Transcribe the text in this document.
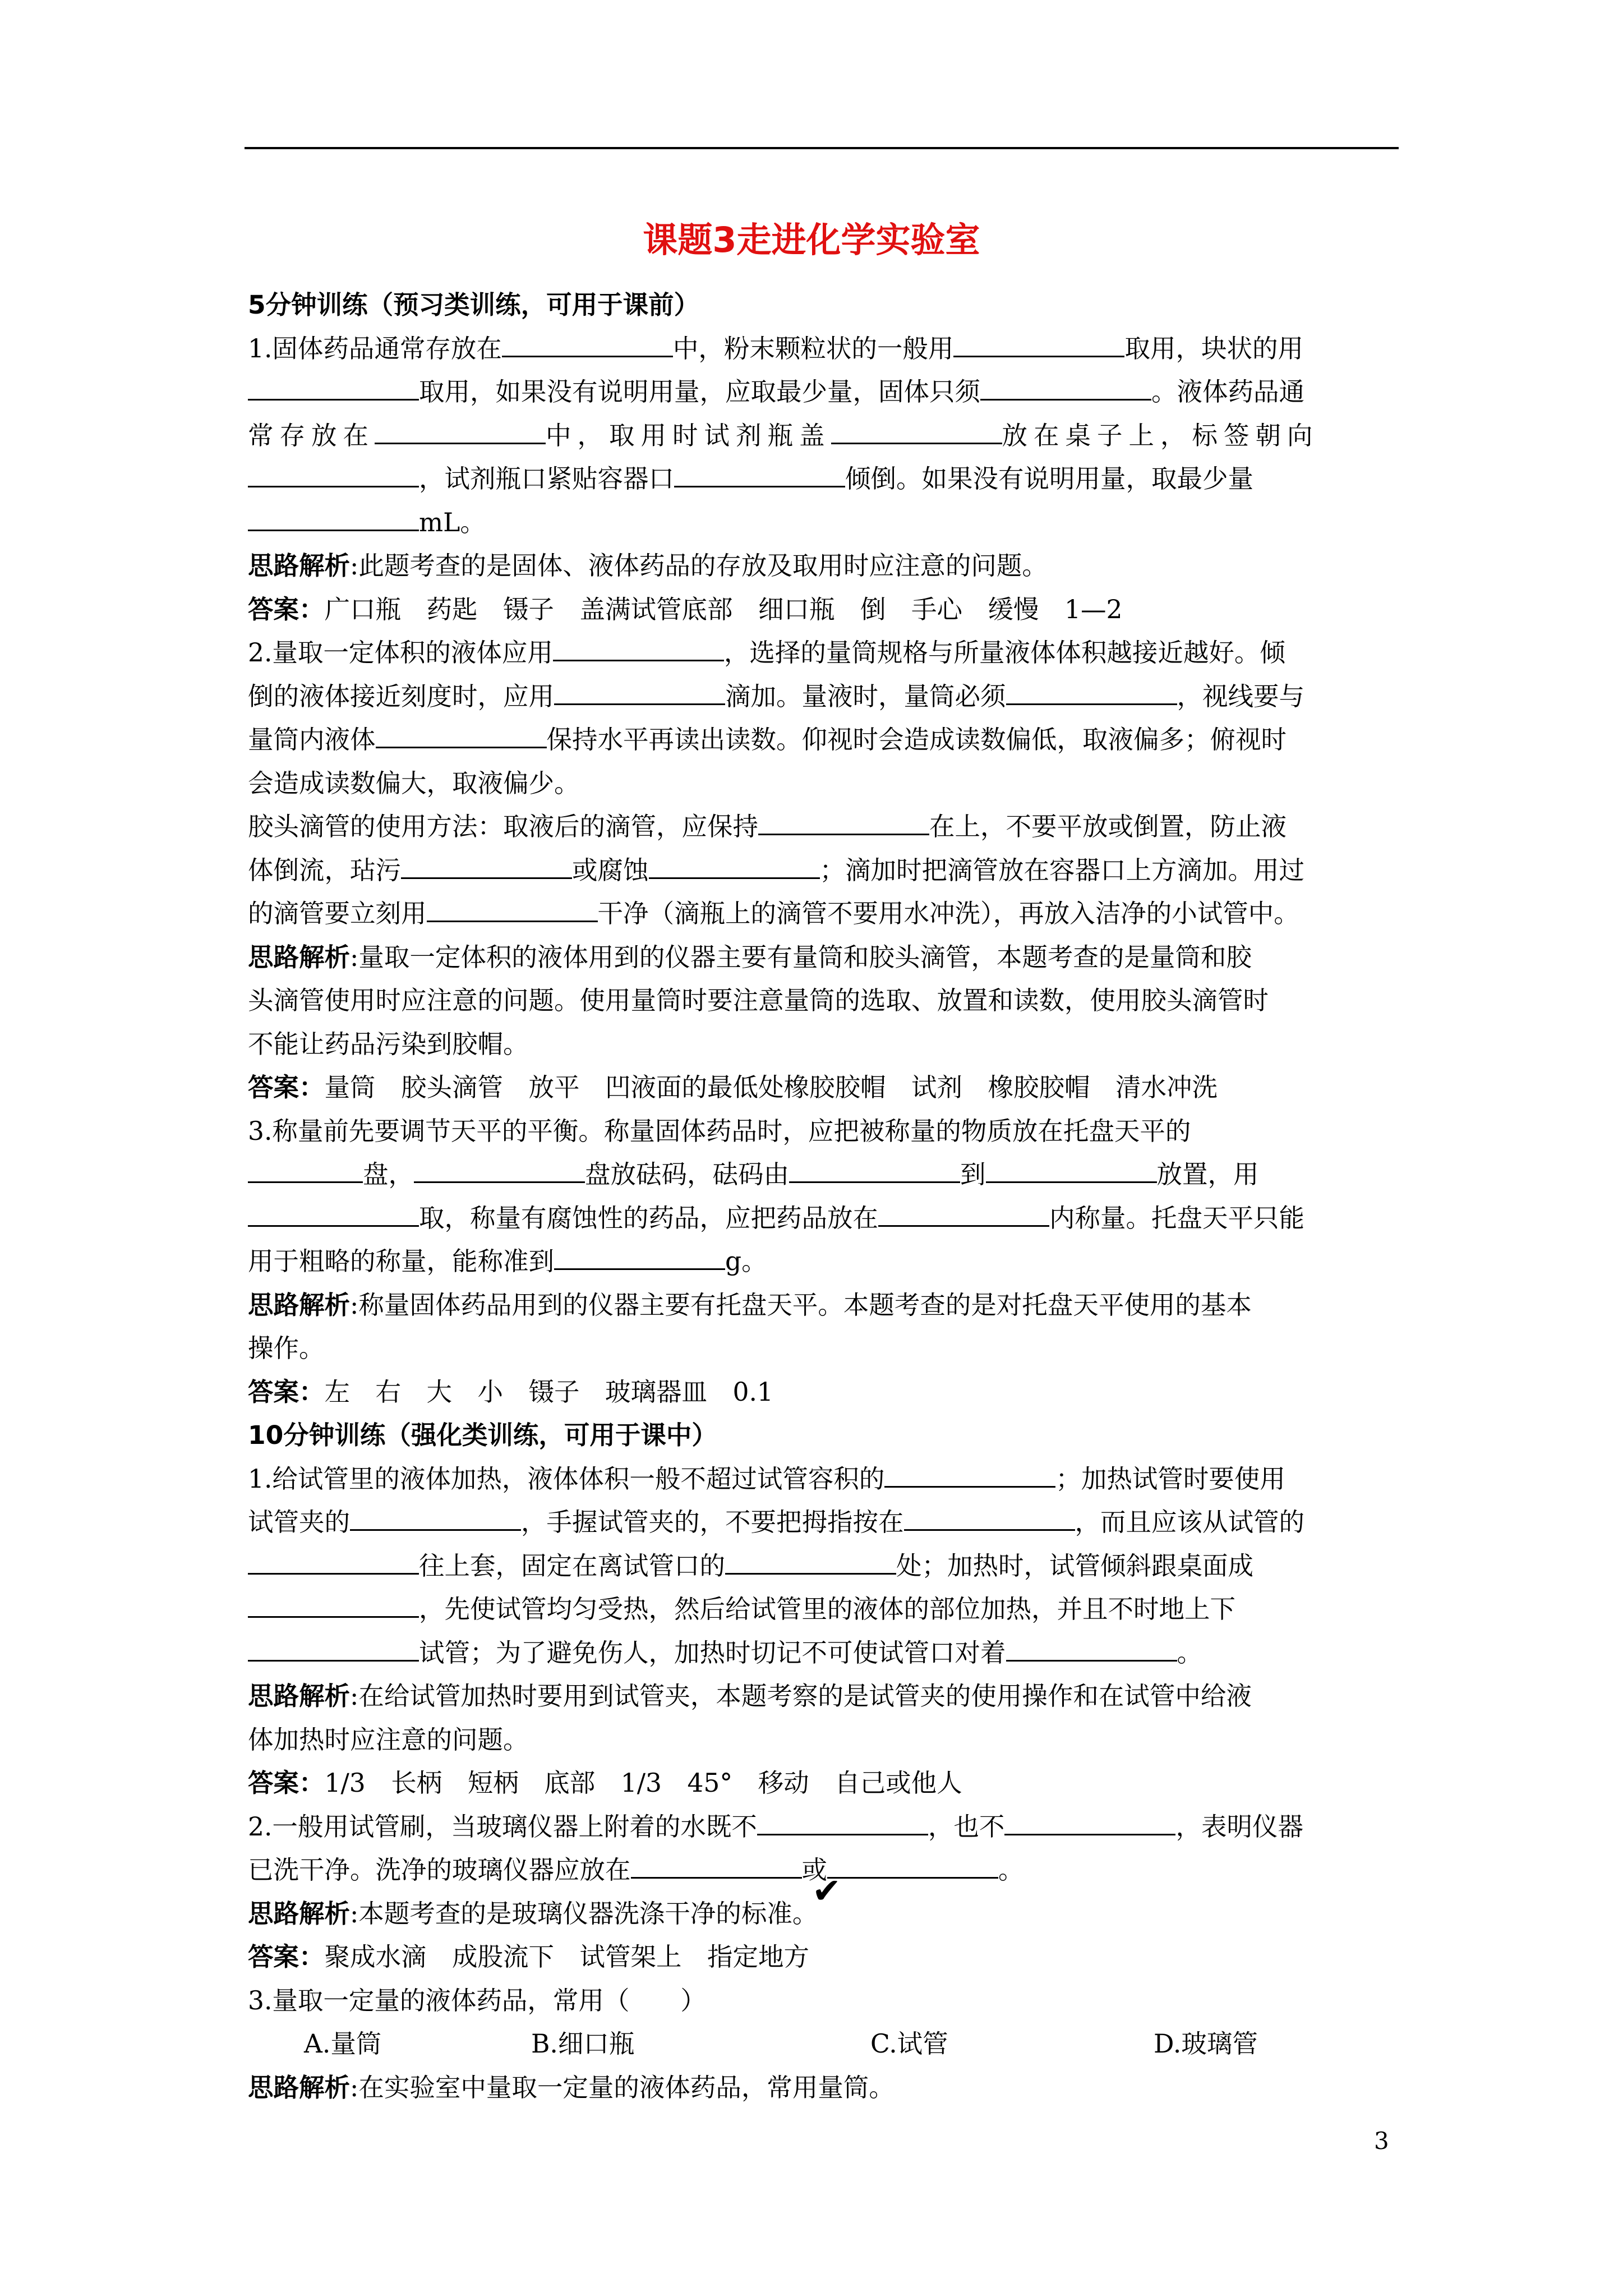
课题3走进化学实验室

5分钟训练（预习类训练，可用于课前）

1.固体药品通常存放在	中，粉末颗粒状的一般用	取用，块状的用

取用，如果没有说明用量，应取最少量，固体只须	。液体药品通

常存放在	中，取用时试剂瓶盖	放在桌子上，标签朝向

，试剂瓶口紧贴容器口	倾倒。如果没有说明用量，取最少量

mL。

思路解析:此题考查的是固体、液体药品的存放及取用时应注意的问题。

答案：广口瓶　药匙　镊子　盖满试管底部　细口瓶　倒　手心　缓慢　1—2

2.量取一定体积的液体应用	，选择的量筒规格与所量液体体积越接近越好。倾

倒的液体接近刻度时，应用	滴加。量液时，量筒必须	，视线要与

量筒内液体	保持水平再读出读数。仰视时会造成读数偏低，取液偏多；俯视时

会造成读数偏大，取液偏少。

胶头滴管的使用方法：取液后的滴管，应保持	在上，不要平放或倒置，防止液

体倒流，玷污	或腐蚀	；滴加时把滴管放在容器口上方滴加。用过

的滴管要立刻用	干净（滴瓶上的滴管不要用水冲洗），再放入洁净的小试管中。

思路解析:量取一定体积的液体用到的仪器主要有量筒和胶头滴管，本题考查的是量筒和胶

头滴管使用时应注意的问题。使用量筒时要注意量筒的选取、放置和读数，使用胶头滴管时

不能让药品污染到胶帽。

答案：量筒　胶头滴管　放平　凹液面的最低处橡胶胶帽　试剂　橡胶胶帽　清水冲洗

3.称量前先要调节天平的平衡。称量固体药品时，应把被称量的物质放在托盘天平的

盘，	盘放砝码，砝码由	到	放置，用

取，称量有腐蚀性的药品，应把药品放在	内称量。托盘天平只能

用于粗略的称量，能称准到	g。

思路解析:称量固体药品用到的仪器主要有托盘天平。本题考查的是对托盘天平使用的基本

操作。

答案：左　右　大　小　镊子　玻璃器皿　0.1

10分钟训练（强化类训练，可用于课中）

1.给试管里的液体加热，液体体积一般不超过试管容积的	；加热试管时要使用

试管夹的	，手握试管夹的，不要把拇指按在	，而且应该从试管的

往上套，固定在离试管口的	处；加热时，试管倾斜跟桌面成

，先使试管均匀受热，然后给试管里的液体的部位加热，并且不时地上下

试管；为了避免伤人，加热时切记不可使试管口对着	。

思路解析:在给试管加热时要用到试管夹，本题考察的是试管夹的使用操作和在试管中给液

体加热时应注意的问题。

答案：1/3　长柄　短柄　底部　1/3　45°　移动　自己或他人

2.一般用试管刷，当玻璃仪器上附着的水既不	，也不	，表明仪器

已洗干净。洗净的玻璃仪器应放在	或	。

思路解析:本题考查的是玻璃仪器洗涤干净的标准。

答案：聚成水滴　成股流下　试管架上　指定地方

3.量取一定量的液体药品，常用（　　）

A.量筒	B.细口瓶	C.试管	D.玻璃管

思路解析:在实验室中量取一定量的液体药品，常用量筒。

✔
3
